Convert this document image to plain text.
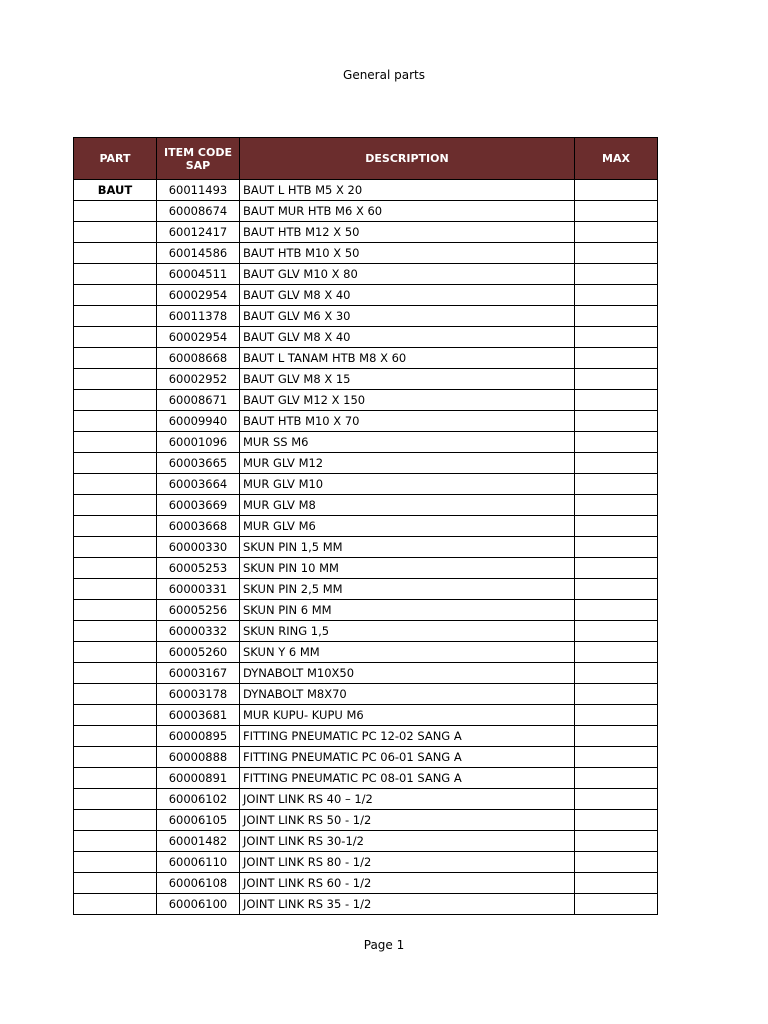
General parts
PART	ITEM CODE SAP	DESCRIPTION	MAX
BAUT	60011493	BAUT L HTB M5 X 20	
	60008674	BAUT MUR HTB M6 X 60	
	60012417	BAUT HTB M12 X 50	
	60014586	BAUT HTB M10 X 50	
	60004511	BAUT GLV M10 X 80	
	60002954	BAUT GLV M8 X 40	
	60011378	BAUT GLV M6 X 30	
	60002954	BAUT GLV M8 X 40	
	60008668	BAUT L TANAM HTB M8 X 60	
	60002952	BAUT GLV M8 X 15	
	60008671	BAUT GLV M12 X 150	
	60009940	BAUT HTB M10 X 70	
	60001096	MUR SS M6	
	60003665	MUR GLV M12	
	60003664	MUR GLV M10	
	60003669	MUR GLV M8	
	60003668	MUR GLV M6	
	60000330	SKUN PIN 1,5 MM	
	60005253	SKUN PIN 10 MM	
	60000331	SKUN PIN 2,5 MM	
	60005256	SKUN PIN 6 MM	
	60000332	SKUN RING 1,5	
	60005260	SKUN Y 6 MM	
	60003167	DYNABOLT M10X50	
	60003178	DYNABOLT M8X70	
	60003681	MUR KUPU- KUPU M6	
	60000895	FITTING PNEUMATIC PC 12-02 SANG A	
	60000888	FITTING PNEUMATIC PC 06-01 SANG A	
	60000891	FITTING PNEUMATIC PC 08-01 SANG A	
	60006102	JOINT LINK RS 40 – 1/2	
	60006105	JOINT LINK RS 50 - 1/2	
	60001482	JOINT LINK RS 30-1/2	
	60006110	JOINT LINK RS 80 - 1/2	
	60006108	JOINT LINK RS 60 - 1/2	
	60006100	JOINT LINK RS 35 - 1/2	
Page 1
